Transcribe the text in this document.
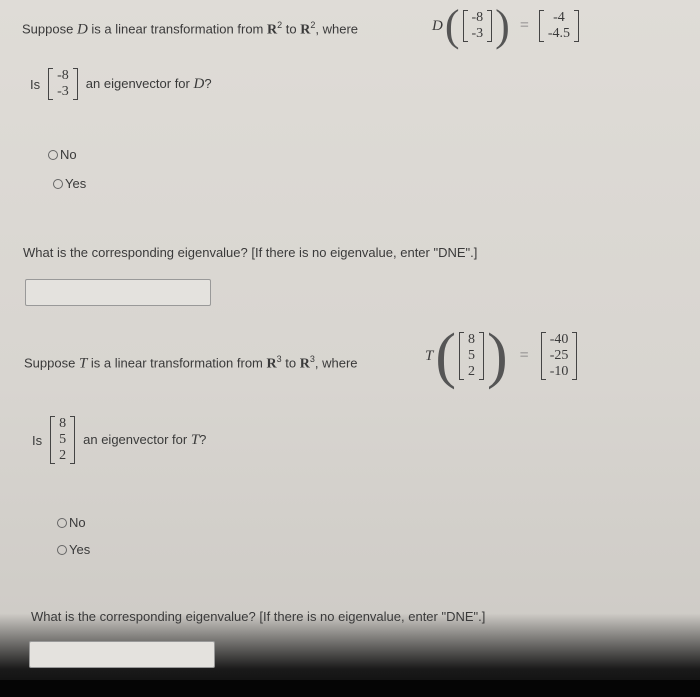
Suppose D is a linear transformation from $R^2$ to $R^2$, where	D ( -8
-3 ) =	-4
-4.5
Is
-8
-3
an eigenvector for D?
No
Yes
What is the corresponding eigenvalue? [If there is no eigenvalue, enter "DNE".]
Suppose T is a linear transformation from $R^3$ to $R^3$, where	T ( 8
5
2 ) =
-40
-25
-10
Is
8
5
2
an eigenvector for T?
No
Yes
What is the corresponding eigenvalue? [If there is no eigenvalue, enter "DNE".]
